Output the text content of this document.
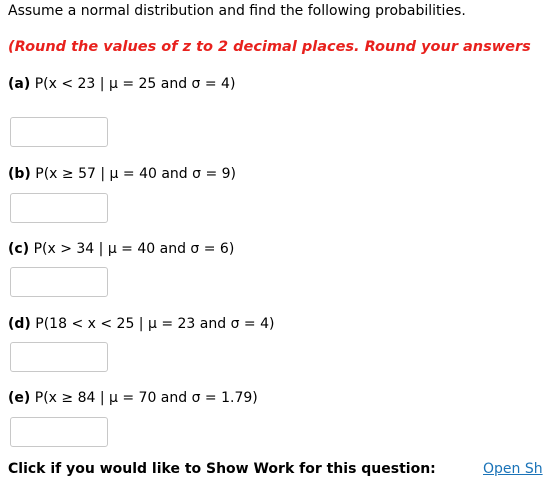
Assume a normal distribution and find the following probabilities.
(Round the values of z to 2 decimal places. Round your answers
(a) P(x < 23 | μ = 25 and σ = 4)
(b) P(x ≥ 57 | μ = 40 and σ = 9)
(c) P(x > 34 | μ = 40 and σ = 6)
(d) P(18 < x < 25 | μ = 23 and σ = 4)
(e) P(x ≥ 84 | μ = 70 and σ = 1.79)
Click if you would like to Show Work for this question:	Open Sh
